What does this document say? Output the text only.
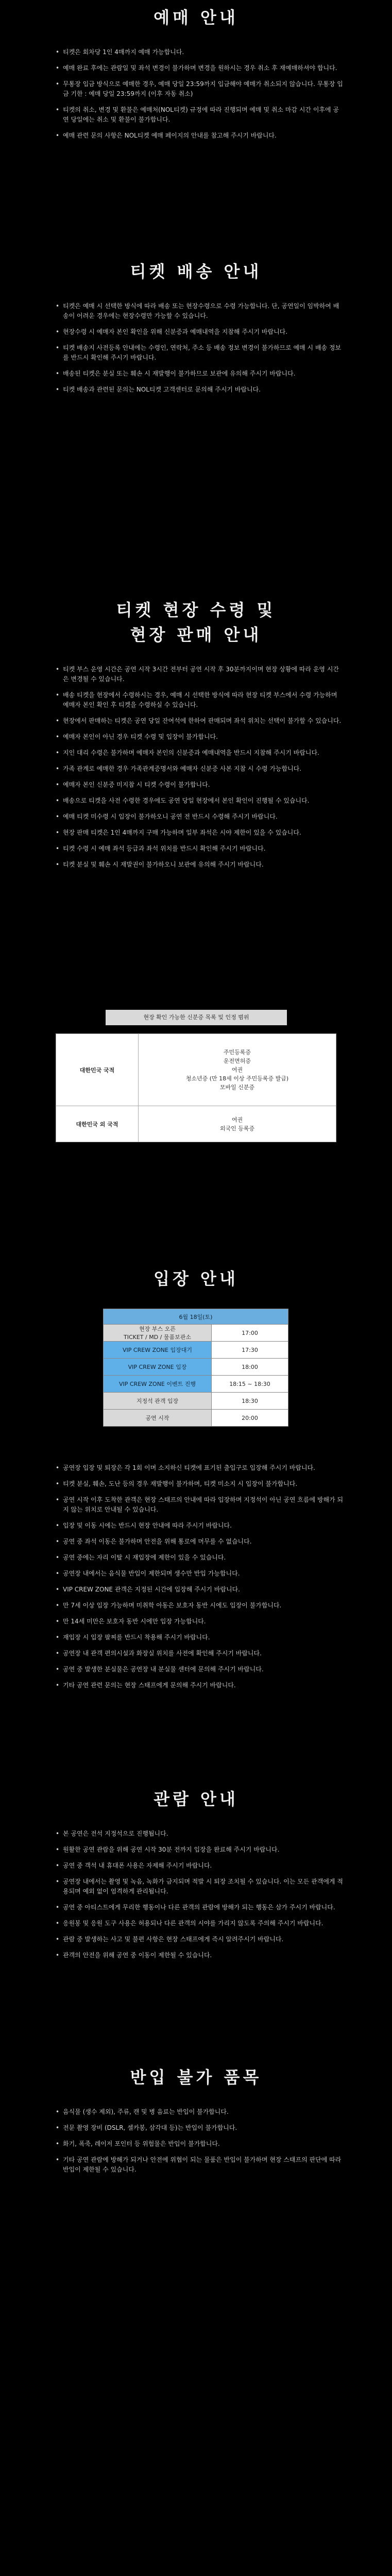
예매 안내
• 티켓은 회차당 1인 4매까지 예매 가능합니다.
• 예매 완료 후에는 관람일 및 좌석 변경이 불가하며 변경을 원하시는 경우 취소 후 재예매하셔야 합니다.
• 무통장 입금 방식으로 예매한 경우, 예매 당일 23:59까지 입금해야 예매가 취소되지 않습니다. 무통장 입금 기한 : 예매 당일 23:59까지 (이후 자동 취소)
• 티켓의 취소, 변경 및 환불은 예매처(NOL티켓) 규정에 따라 진행되며 예매 및 취소 마감 시간 이후에 공연 당일에는 취소 및 환불이 불가합니다.
• 예매 관련 문의 사항은 NOL티켓 예매 페이지의 안내를 참고해 주시기 바랍니다.
티켓 배송 안내
• 티켓은 예매 시 선택한 방식에 따라 배송 또는 현장수령으로 수령 가능합니다. 단, 공연일이 임박하여 배송이 어려운 경우에는 현장수령만 가능할 수 있습니다.
• 현장수령 시 예매자 본인 확인을 위해 신분증과 예매내역을 지참해 주시기 바랍니다.
• 티켓 배송지 사전등록 안내에는 수령인, 연락처, 주소 등 배송 정보 변경이 불가하므로 예매 시 배송 정보를 반드시 확인해 주시기 바랍니다.
• 배송된 티켓은 분실 또는 훼손 시 재발행이 불가하므로 보관에 유의해 주시기 바랍니다.
• 티켓 배송과 관련된 문의는 NOL티켓 고객센터로 문의해 주시기 바랍니다.
티켓 현장 수령 및
현장 판매 안내
• 티켓 부스 운영 시간은 공연 시작 3시간 전부터 공연 시작 후 30분까지이며 현장 상황에 따라 운영 시간은 변경될 수 있습니다.
• 배송 티켓을 현장에서 수령하시는 경우, 예매 시 선택한 방식에 따라 현장 티켓 부스에서 수령 가능하며 예매자 본인 확인 후 티켓을 수령하실 수 있습니다.
• 현장에서 판매하는 티켓은 공연 당일 잔여석에 한하여 판매되며 좌석 위치는 선택이 불가할 수 있습니다.
• 예매자 본인이 아닌 경우 티켓 수령 및 입장이 불가합니다.
• 지인 대리 수령은 불가하며 예매자 본인의 신분증과 예매내역을 반드시 지참해 주시기 바랍니다.
• 가족 관계로 예매한 경우 가족관계증명서와 예매자 신분증 사본 지참 시 수령 가능합니다.
• 예매자 본인 신분증 미지참 시 티켓 수령이 불가합니다.
• 배송으로 티켓을 사전 수령한 경우에도 공연 당일 현장에서 본인 확인이 진행될 수 있습니다.
• 예매 티켓 미수령 시 입장이 불가하오니 공연 전 반드시 수령해 주시기 바랍니다.
• 현장 판매 티켓은 1인 4매까지 구매 가능하며 일부 좌석은 시야 제한이 있을 수 있습니다.
• 티켓 수령 시 예매 좌석 등급과 좌석 위치를 반드시 확인해 주시기 바랍니다.
• 티켓 분실 및 훼손 시 재발권이 불가하오니 보관에 유의해 주시기 바랍니다.
현장 확인 가능한 신분증 목록 및 인정 범위
대한민국 국적	주민등록증
운전면허증
여권
청소년증 (만 18세 이상 주민등록증 발급)
모바일 신분증
대한민국 외 국적	여권
외국인 등록증
입장 안내
6월 18일(토)	
현장 부스 오픈
TICKET / MD / 물품보관소	17:00
VIP CREW ZONE 입장대기	17:30
VIP CREW ZONE 입장	18:00
VIP CREW ZONE 이벤트 진행	18:15 ~ 18:30
지정석 관객 입장	18:30
공연 시작	20:00
• 공연장 입장 및 퇴장은 각 1회 이며 소지하신 티켓에 표기된 출입구로 입장해 주시기 바랍니다.
• 티켓 분실, 훼손, 도난 등의 경우 재발행이 불가하며, 티켓 미소지 시 입장이 불가합니다.
• 공연 시작 이후 도착한 관객은 현장 스태프의 안내에 따라 입장하며 지정석이 아닌 공연 흐름에 방해가 되지 않는 위치로 안내될 수 있습니다.
• 입장 및 이동 시에는 반드시 현장 안내에 따라 주시기 바랍니다.
• 공연 중 좌석 이동은 불가하며 안전을 위해 통로에 머무를 수 없습니다.
• 공연 중에는 자리 이탈 시 재입장에 제한이 있을 수 있습니다.
• 공연장 내에서는 음식물 반입이 제한되며 생수만 반입 가능합니다.
• VIP CREW ZONE 관객은 지정된 시간에 입장해 주시기 바랍니다.
• 만 7세 이상 입장 가능하며 미취학 아동은 보호자 동반 시에도 입장이 불가합니다.
• 만 14세 미만은 보호자 동반 시에만 입장 가능합니다.
• 재입장 시 입장 팔찌를 반드시 착용해 주시기 바랍니다.
• 공연장 내 관객 편의시설과 화장실 위치를 사전에 확인해 주시기 바랍니다.
• 공연 중 발생한 분실물은 공연장 내 분실물 센터에 문의해 주시기 바랍니다.
• 기타 공연 관련 문의는 현장 스태프에게 문의해 주시기 바랍니다.
관람 안내
• 본 공연은 전석 지정석으로 진행됩니다.
• 원활한 공연 관람을 위해 공연 시작 30분 전까지 입장을 완료해 주시기 바랍니다.
• 공연 중 객석 내 휴대폰 사용은 자제해 주시기 바랍니다.
• 공연장 내에서는 촬영 및 녹음, 녹화가 금지되며 적발 시 퇴장 조치될 수 있습니다. 이는 모든 관객에게 적용되며 예외 없이 엄격하게 관리됩니다.
• 공연 중 아티스트에게 무리한 행동이나 다른 관객의 관람에 방해가 되는 행동은 삼가 주시기 바랍니다.
• 응원봉 및 응원 도구 사용은 허용되나 다른 관객의 시야를 가리지 않도록 주의해 주시기 바랍니다.
• 관람 중 발생하는 사고 및 불편 사항은 현장 스태프에게 즉시 알려주시기 바랍니다.
• 관객의 안전을 위해 공연 중 이동이 제한될 수 있습니다.
반입 불가 품목
• 음식물 (생수 제외), 주류, 캔 및 병 음료는 반입이 불가합니다.
• 전문 촬영 장비 (DSLR, 셀카봉, 삼각대 등)는 반입이 불가합니다.
• 화기, 폭죽, 레이저 포인터 등 위험물은 반입이 불가합니다.
• 기타 공연 관람에 방해가 되거나 안전에 위협이 되는 물품은 반입이 불가하며 현장 스태프의 판단에 따라 반입이 제한될 수 있습니다.
